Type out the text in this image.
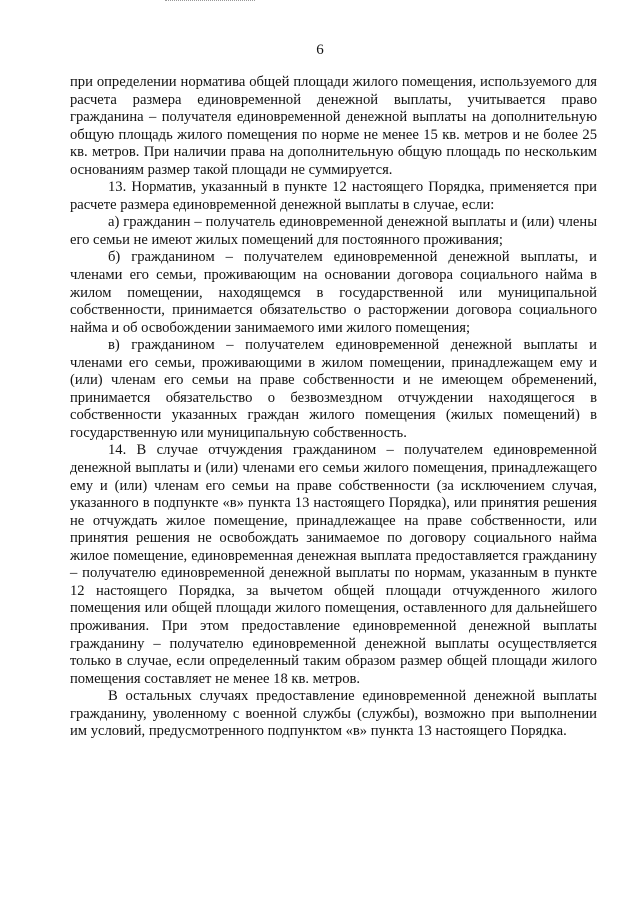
6

при определении норматива общей площади жилого помещения, используемого для расчета размера единовременной денежной выплаты, учитывается право гражданина – получателя единовременной денежной выплаты на дополнительную общую площадь жилого помещения по норме не менее 15 кв. метров и не более 25 кв. метров. При наличии права на дополнительную общую площадь по нескольким основаниям размер такой площади не суммируется.

13. Норматив, указанный в пункте 12 настоящего Порядка, применяется при расчете размера единовременной денежной выплаты в случае, если:

а) гражданин – получатель единовременной денежной выплаты и (или) члены его семьи не имеют жилых помещений для постоянного проживания;

б) гражданином – получателем единовременной денежной выплаты, и членами его семьи, проживающим на основании договора социального найма в жилом помещении, находящемся в государственной или муниципальной собственности, принимается обязательство о расторжении договора социального найма и об освобождении занимаемого ими жилого помещения;

в) гражданином – получателем единовременной денежной выплаты и членами его семьи, проживающими в жилом помещении, принадлежащем ему и (или) членам его семьи на праве собственности и не имеющем обременений, принимается обязательство о безвозмездном отчуждении находящегося в собственности указанных граждан жилого помещения (жилых помещений) в государственную или муниципальную собственность.

14. В случае отчуждения гражданином – получателем единовременной денежной выплаты и (или) членами его семьи жилого помещения, принадлежащего ему и (или) членам его семьи на праве собственности (за исключением случая, указанного в подпункте «в» пункта 13 настоящего Порядка), или принятия решения не отчуждать жилое помещение, принадлежащее на праве собственности, или принятия решения не освобождать занимаемое по договору социального найма жилое помещение, единовременная денежная выплата предоставляется гражданину – получателю единовременной денежной выплаты по нормам, указанным в пункте 12 настоящего Порядка, за вычетом общей площади отчужденного жилого помещения или общей площади жилого помещения, оставленного для дальнейшего проживания. При этом предоставление единовременной денежной выплаты гражданину – получателю единовременной денежной выплаты осуществляется только в случае, если определенный таким образом размер общей площади жилого помещения составляет не менее 18 кв. метров.

В остальных случаях предоставление единовременной денежной выплаты гражданину, уволенному с военной службы (службы), возможно при выполнении им условий, предусмотренного подпунктом «в» пункта 13 настоящего Порядка.
